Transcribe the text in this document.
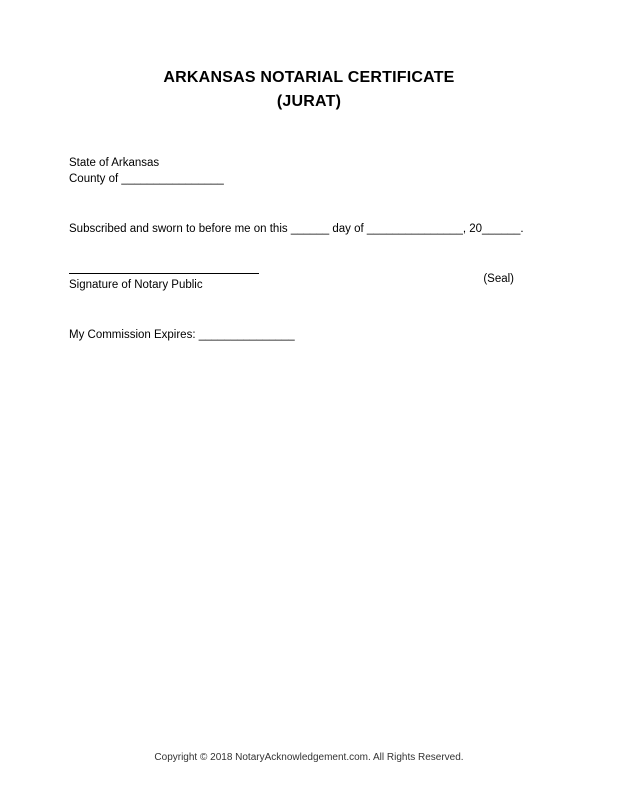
ARKANSAS NOTARIAL CERTIFICATE
(JURAT)
State of Arkansas
County of ________________
Subscribed and sworn to before me on this ______ day of _______________, 20______.
Signature of Notary Public	(Seal)
My Commission Expires: _______________
Copyright © 2018 NotaryAcknowledgement.com. All Rights Reserved.
